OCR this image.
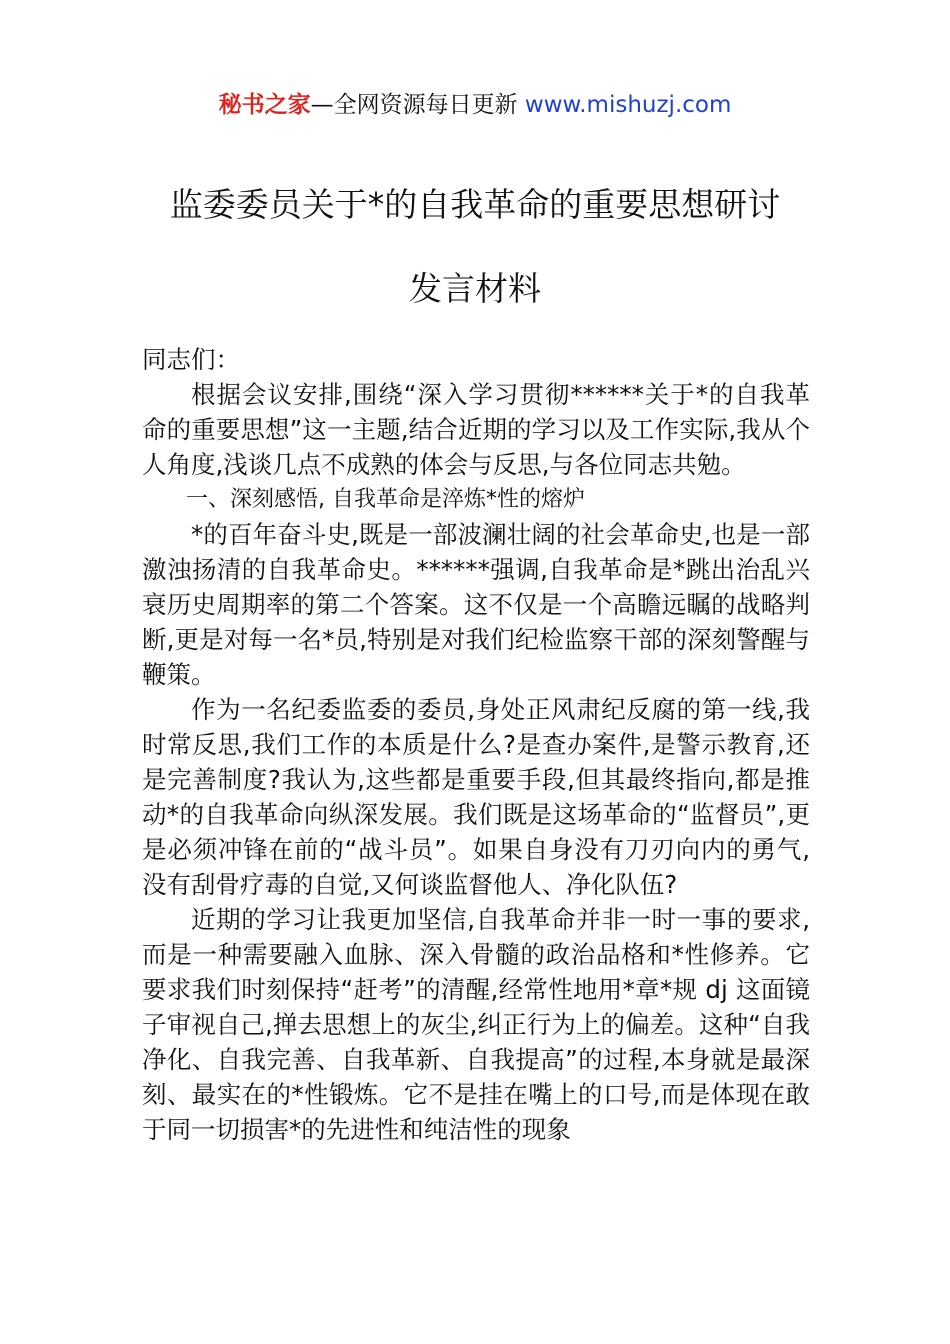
秘书之家—全网资源每日更新 www.mishuzj.com
监委委员关于*的自我革命的重要思想研讨
发言材料

同志们：

根据会议安排,围绕“深入学习贯彻******关于*的自我革命的重要思想”这一主题,结合近期的学习以及工作实际,我从个人角度,浅谈几点不成熟的体会与反思,与各位同志共勉。

一、深刻感悟, 自我革命是淬炼*性的熔炉

*的百年奋斗史,既是一部波澜壮阔的社会革命史,也是一部激浊扬清的自我革命史。******强调,自我革命是*跳出治乱兴衰历史周期率的第二个答案。这不仅是一个高瞻远瞩的战略判断,更是对每一名*员,特别是对我们纪检监察干部的深刻警醒与鞭策。

作为一名纪委监委的委员,身处正风肃纪反腐的第一线,我时常反思,我们工作的本质是什么?是查办案件,是警示教育,还是完善制度?我认为,这些都是重要手段,但其最终指向,都是推动*的自我革命向纵深发展。我们既是这场革命的“监督员”,更是必须冲锋在前的“战斗员”。如果自身没有刀刃向内的勇气,没有刮骨疗毒的自觉,又何谈监督他人、净化队伍?

近期的学习让我更加坚信,自我革命并非一时一事的要求,而是一种需要融入血脉、深入骨髓的政治品格和*性修养。它要求我们时刻保持“赶考”的清醒,经常性地用*章*规 dj 这面镜子审视自己,掸去思想上的灰尘,纠正行为上的偏差。这种“自我净化、自我完善、自我革新、自我提高”的过程,本身就是最深刻、最实在的*性锻炼。它不是挂在嘴上的口号,而是体现在敢于同一切损害*的先进性和纯洁性的现象
